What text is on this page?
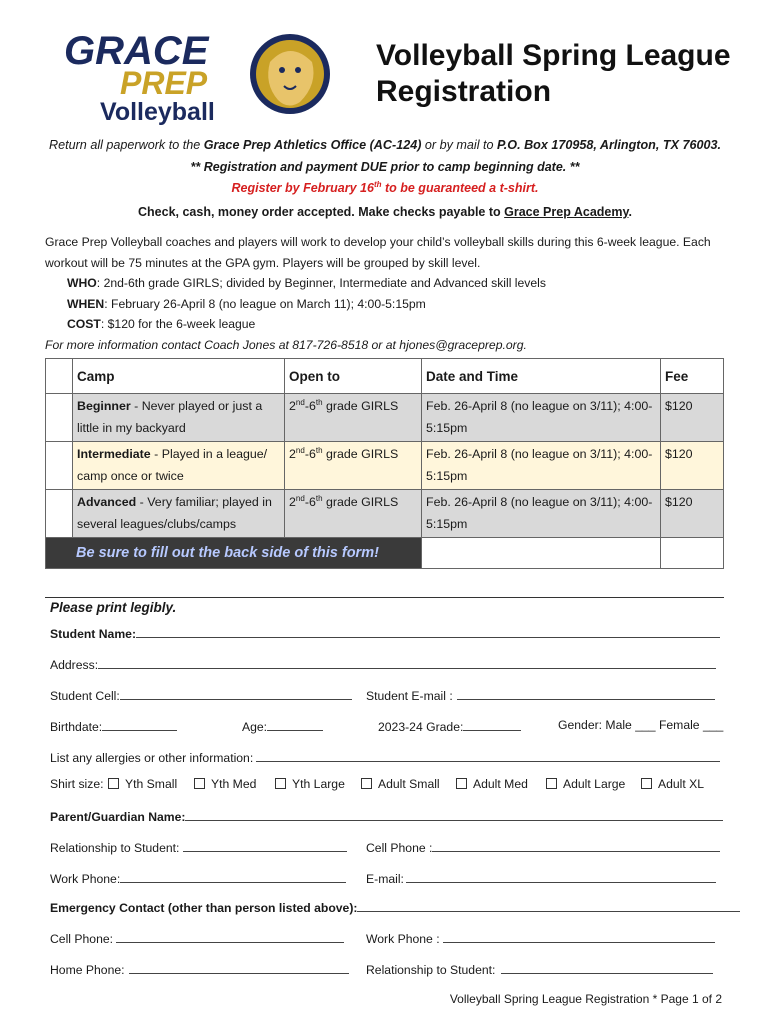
GRACE
PREP
Volleyball
Volleyball Spring League Registration
Return all paperwork to the Grace Prep Athletics Office (AC-124) or by mail to P.O. Box 170958, Arlington, TX 76003.
** Registration and payment DUE prior to camp beginning date. **
Register by February 16th to be guaranteed a t-shirt.
Check, cash, money order accepted. Make checks payable to Grace Prep Academy.
Grace Prep Volleyball coaches and players will work to develop your child’s volleyball skills during this 6-week league. Each workout will be 75 minutes at the GPA gym. Players will be grouped by skill level.
WHO: 2nd-6th grade GIRLS; divided by Beginner, Intermediate and Advanced skill levels
WHEN: February 26-April 8 (no league on March 11); 4:00-5:15pm
COST: $120 for the 6-week league
For more information contact Coach Jones at 817-726-8518 or at hjones@graceprep.org.
	Camp	Open to	Date and Time	Fee
	Beginner - Never played or just a little in my backyard	2nd-6th grade GIRLS	Feb. 26-April 8 (no league on 3/11); 4:00-5:15pm	$120
	Intermediate - Played in a league/ camp once or twice	2nd-6th grade GIRLS	Feb. 26-April 8 (no league on 3/11); 4:00-5:15pm	$120
	Advanced - Very familiar; played in several leagues/clubs/camps	2nd-6th grade GIRLS	Feb. 26-April 8 (no league on 3/11); 4:00-5:15pm	$120
Be sure to fill out the back side of this form!				
Please print legibly.
Student Name:
Address:
Student Cell:	Student E-mail :
Birthdate:	Age:	2023-24 Grade:	Gender: Male ___ Female ___
List any allergies or other information:
Shirt size:	Yth Small	Yth Med	Yth Large	Adult Small	Adult Med	Adult Large	Adult XL
Parent/Guardian Name:
Relationship to Student:	Cell Phone :
Work Phone:	E-mail:
Emergency Contact (other than person listed above):
Cell Phone:	Work Phone :
Home Phone:	Relationship to Student:
Volleyball Spring League Registration * Page 1 of 2
